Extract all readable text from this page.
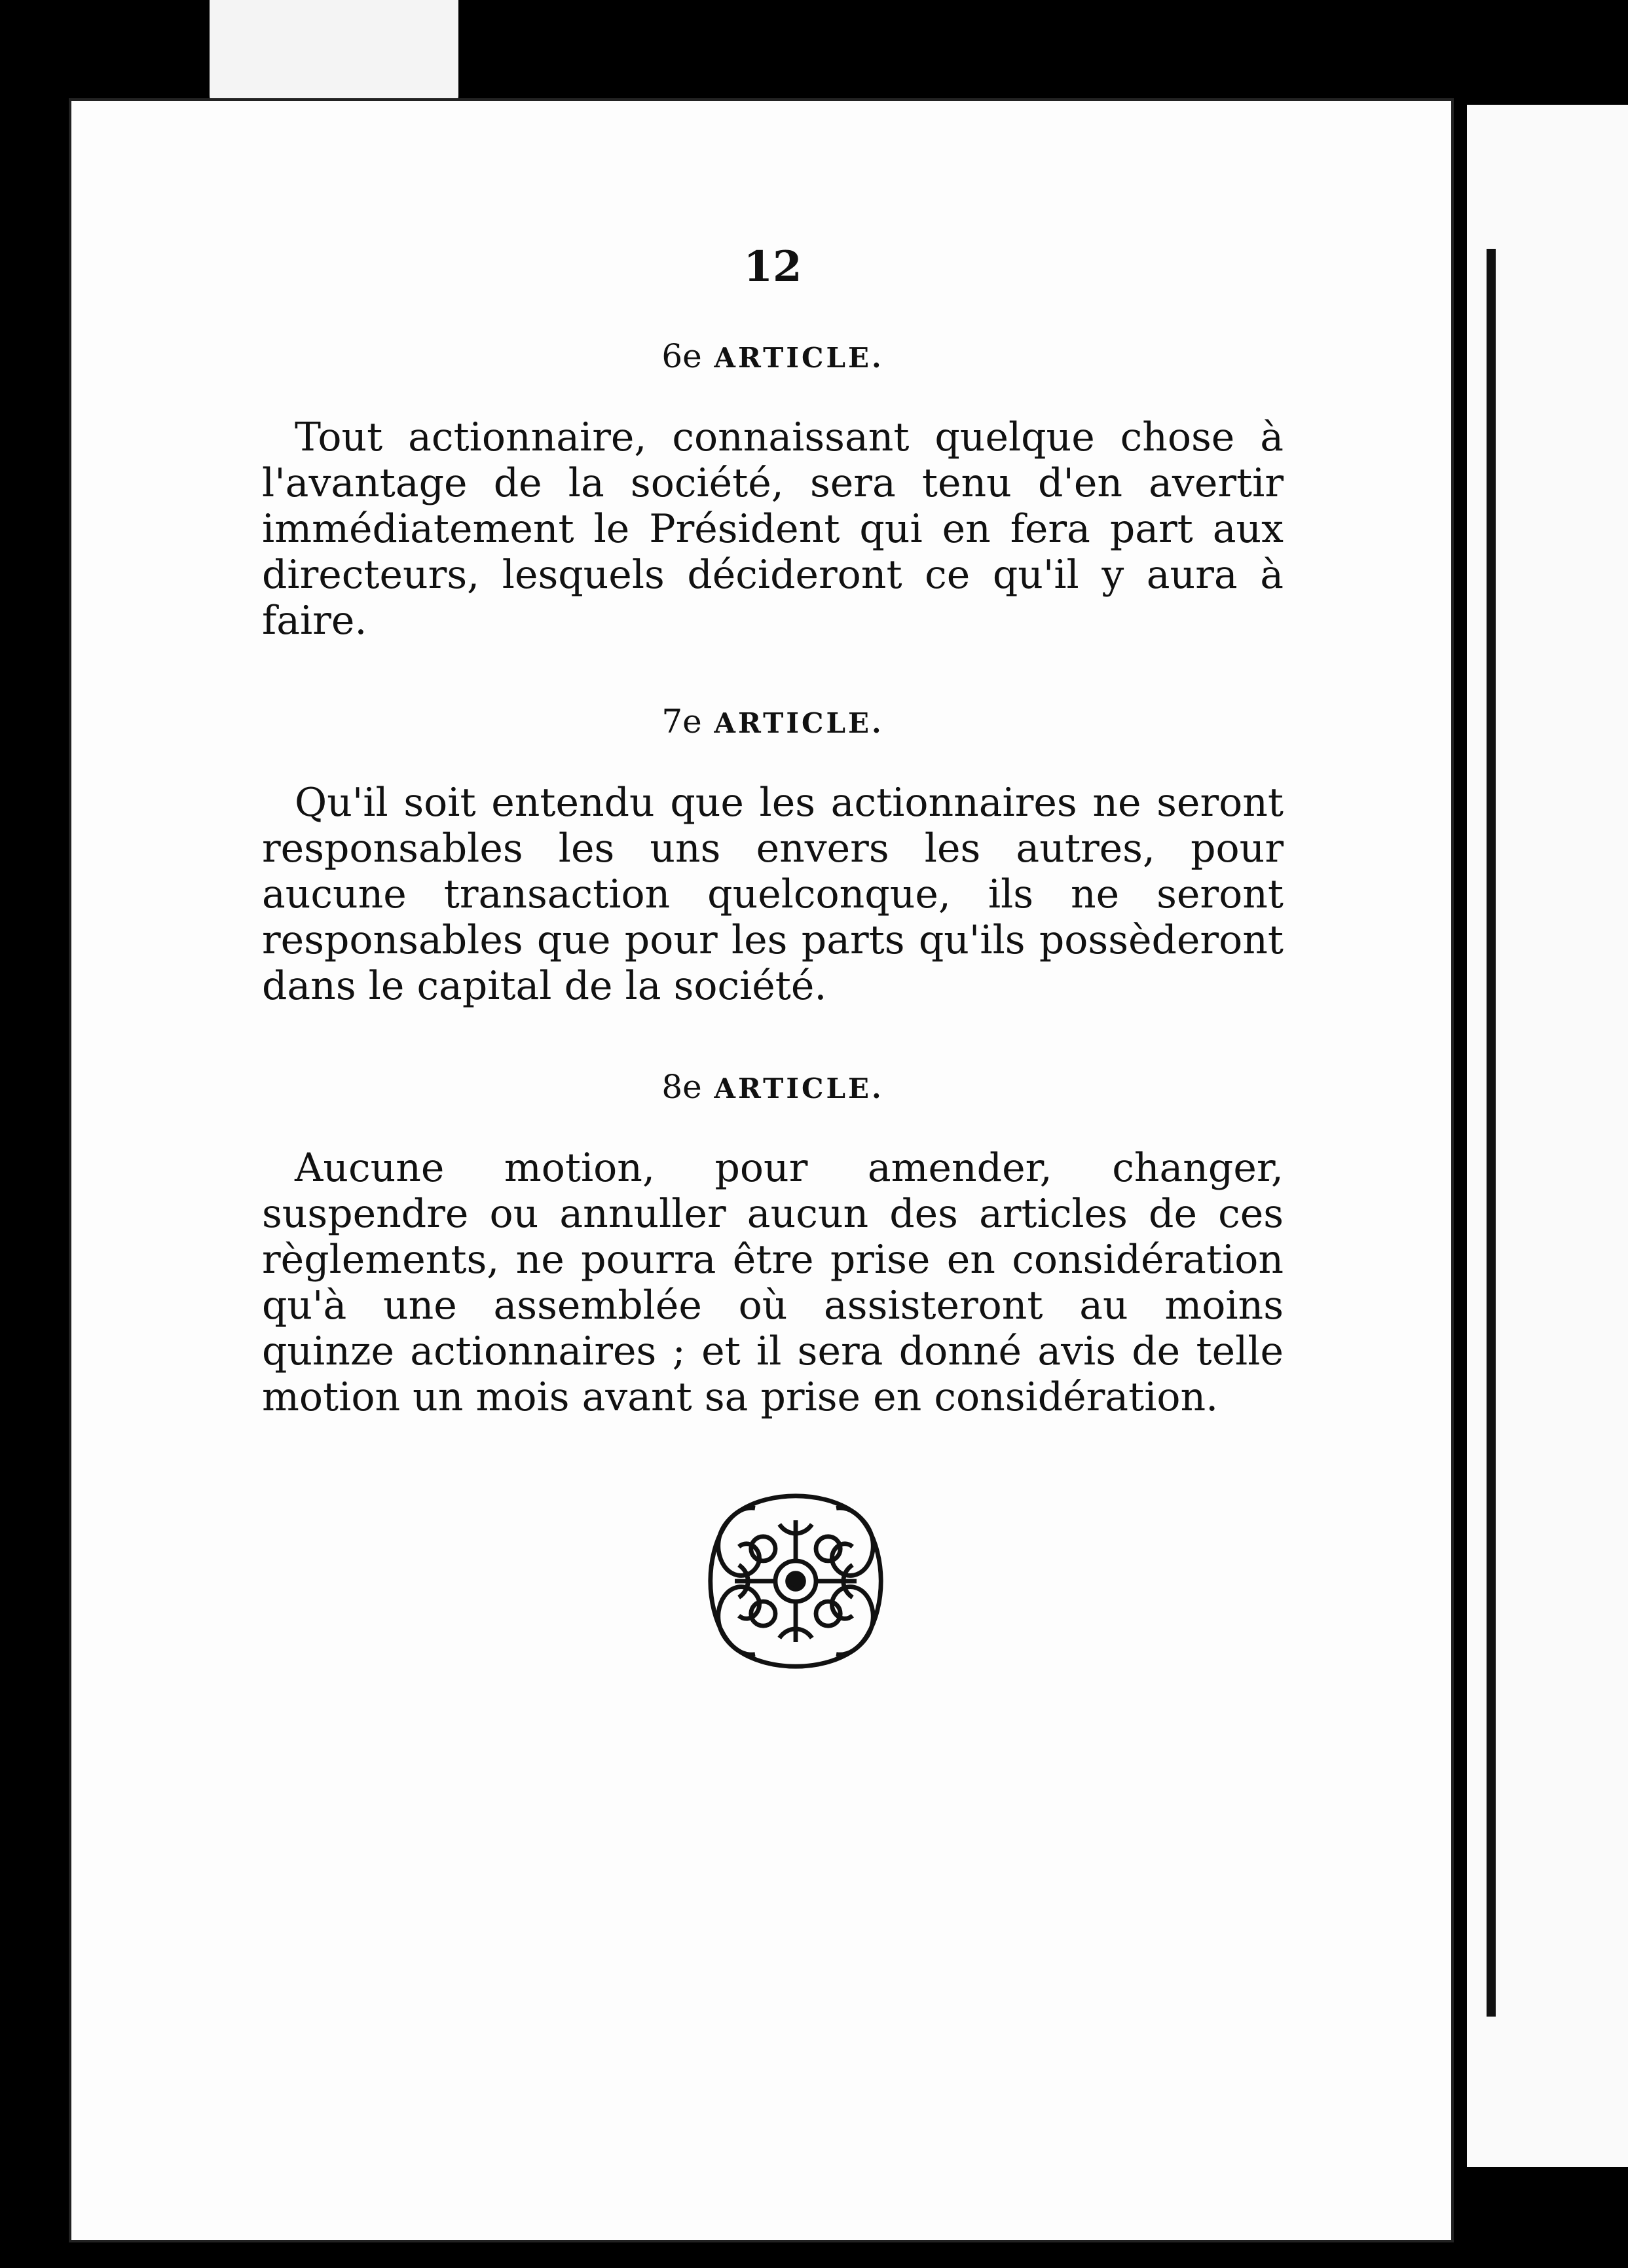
12
6e ARTICLE.

Tout actionnaire, connaissant quelque chose à l'avantage de la société, sera tenu d'en avertir immédiatement le Président qui en fera part aux directeurs, lesquels décideront ce qu'il y aura à faire.

7e ARTICLE.

Qu'il soit entendu que les actionnaires ne seront responsables les uns envers les autres, pour aucune transaction quelconque, ils ne seront responsables que pour les parts qu'ils possèderont dans le capital de la société.

8e ARTICLE.

Aucune motion, pour amender, changer, suspendre ou annuller aucun des articles de ces règlements, ne pourra être prise en considération qu'à une assemblée où assisteront au moins quinze actionnaires ; et il sera donné avis de telle motion un mois avant sa prise en considération.
